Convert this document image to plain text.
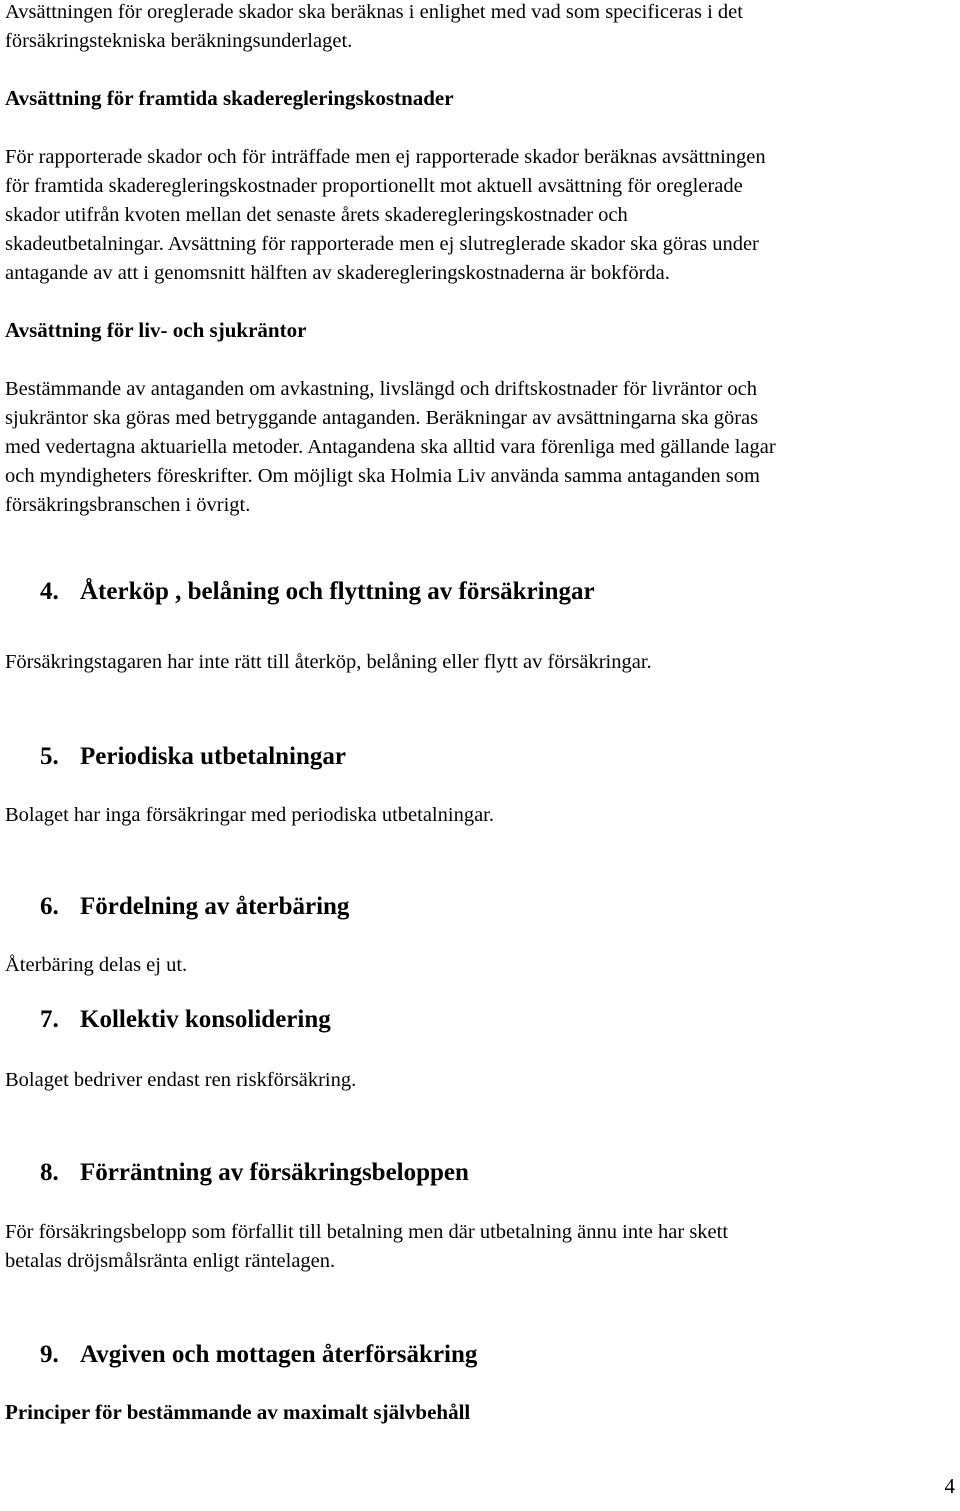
Avsättningen för oreglerade skador ska beräknas i enlighet med vad som specificeras i det
försäkringstekniska beräkningsunderlaget.

Avsättning för framtida skaderegleringskostnader

För rapporterade skador och för inträffade men ej rapporterade skador beräknas avsättningen
för framtida skaderegleringskostnader proportionellt mot aktuell avsättning för oreglerade
skador utifrån kvoten mellan det senaste årets skaderegleringskostnader och
skadeutbetalningar. Avsättning för rapporterade men ej slutreglerade skador ska göras under
antagande av att i genomsnitt hälften av skaderegleringskostnaderna är bokförda.

Avsättning för liv- och sjukräntor

Bestämmande av antaganden om avkastning, livslängd och driftskostnader för livräntor och
sjukräntor ska göras med betryggande antaganden. Beräkningar av avsättningarna ska göras
med vedertagna aktuariella metoder. Antagandena ska alltid vara förenliga med gällande lagar
och myndigheters föreskrifter. Om möjligt ska Holmia Liv använda samma antaganden som
försäkringsbranschen i övrigt.
4. Återköp , belåning och flyttning av försäkringar
Försäkringstagaren har inte rätt till återköp, belåning eller flytt av försäkringar.
5. Periodiska utbetalningar
Bolaget har inga försäkringar med periodiska utbetalningar.
6. Fördelning av återbäring
Återbäring delas ej ut.
7. Kollektiv konsolidering
Bolaget bedriver endast ren riskförsäkring.
8. Förräntning av försäkringsbeloppen
För försäkringsbelopp som förfallit till betalning men där utbetalning ännu inte har skett
betalas dröjsmålsränta enligt räntelagen.
9. Avgiven och mottagen återförsäkring

Principer för bestämmande av maximalt självbehåll

4
